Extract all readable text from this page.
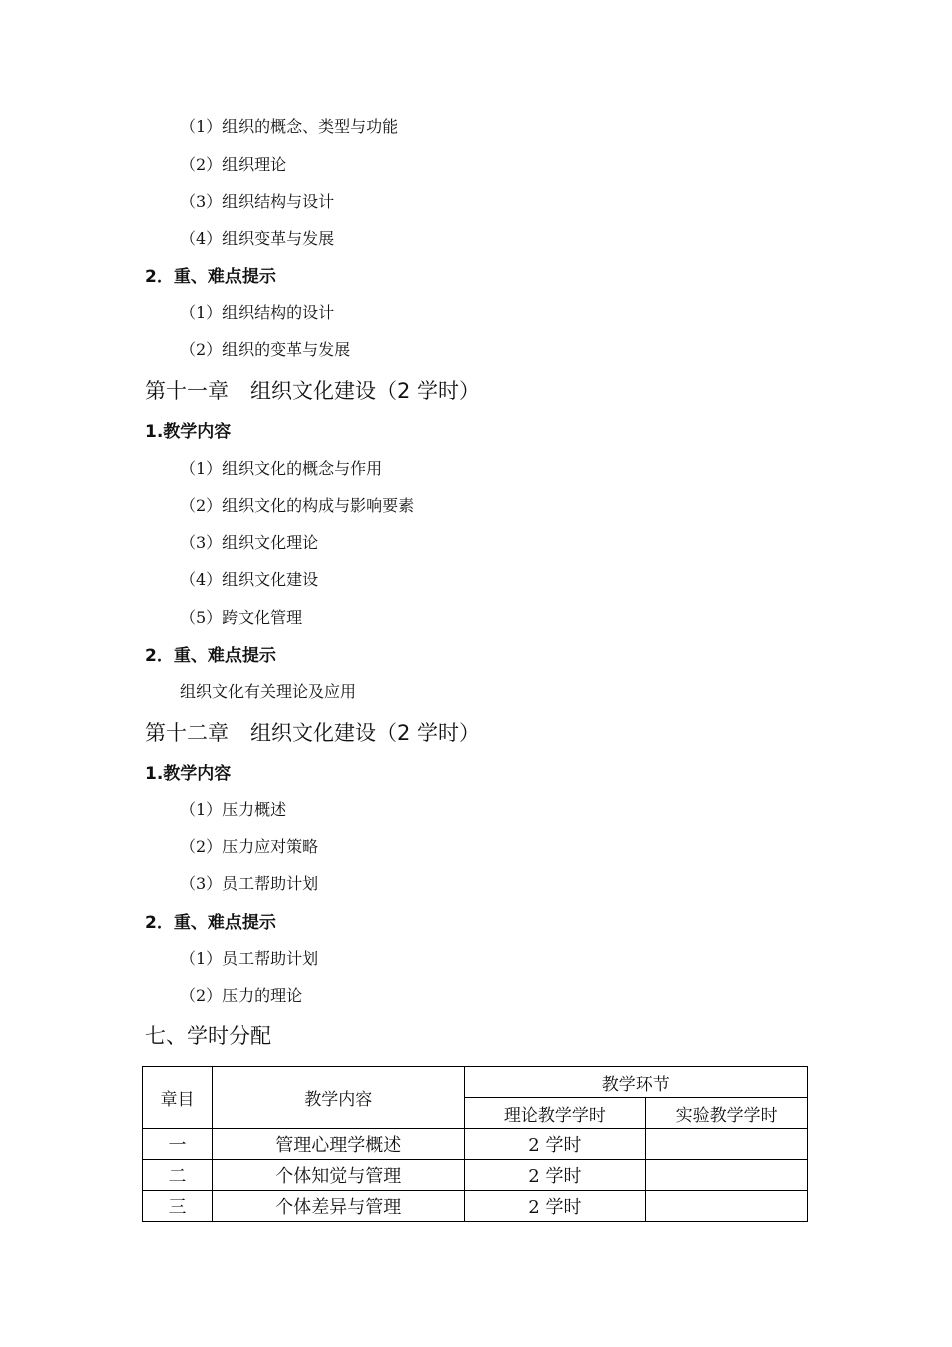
（1）组织的概念、类型与功能
（2）组织理论
（3）组织结构与设计
（4）组织变革与发展
2．重、难点提示
（1）组织结构的设计
（2）组织的变革与发展
第十一章　组织文化建设（2 学时）
1.教学内容
（1）组织文化的概念与作用
（2）组织文化的构成与影响要素
（3）组织文化理论
（4）组织文化建设
（5）跨文化管理
2．重、难点提示
组织文化有关理论及应用
第十二章　组织文化建设（2 学时）
1.教学内容
（1）压力概述
（2）压力应对策略
（3）员工帮助计划
2．重、难点提示
（1）员工帮助计划
（2）压力的理论
七、学时分配
章目	教学内容	教学环节	
		理论教学学时	实验教学学时
一	管理心理学概述	2 学时	
二	个体知觉与管理	2 学时	
三	个体差异与管理	2 学时	
